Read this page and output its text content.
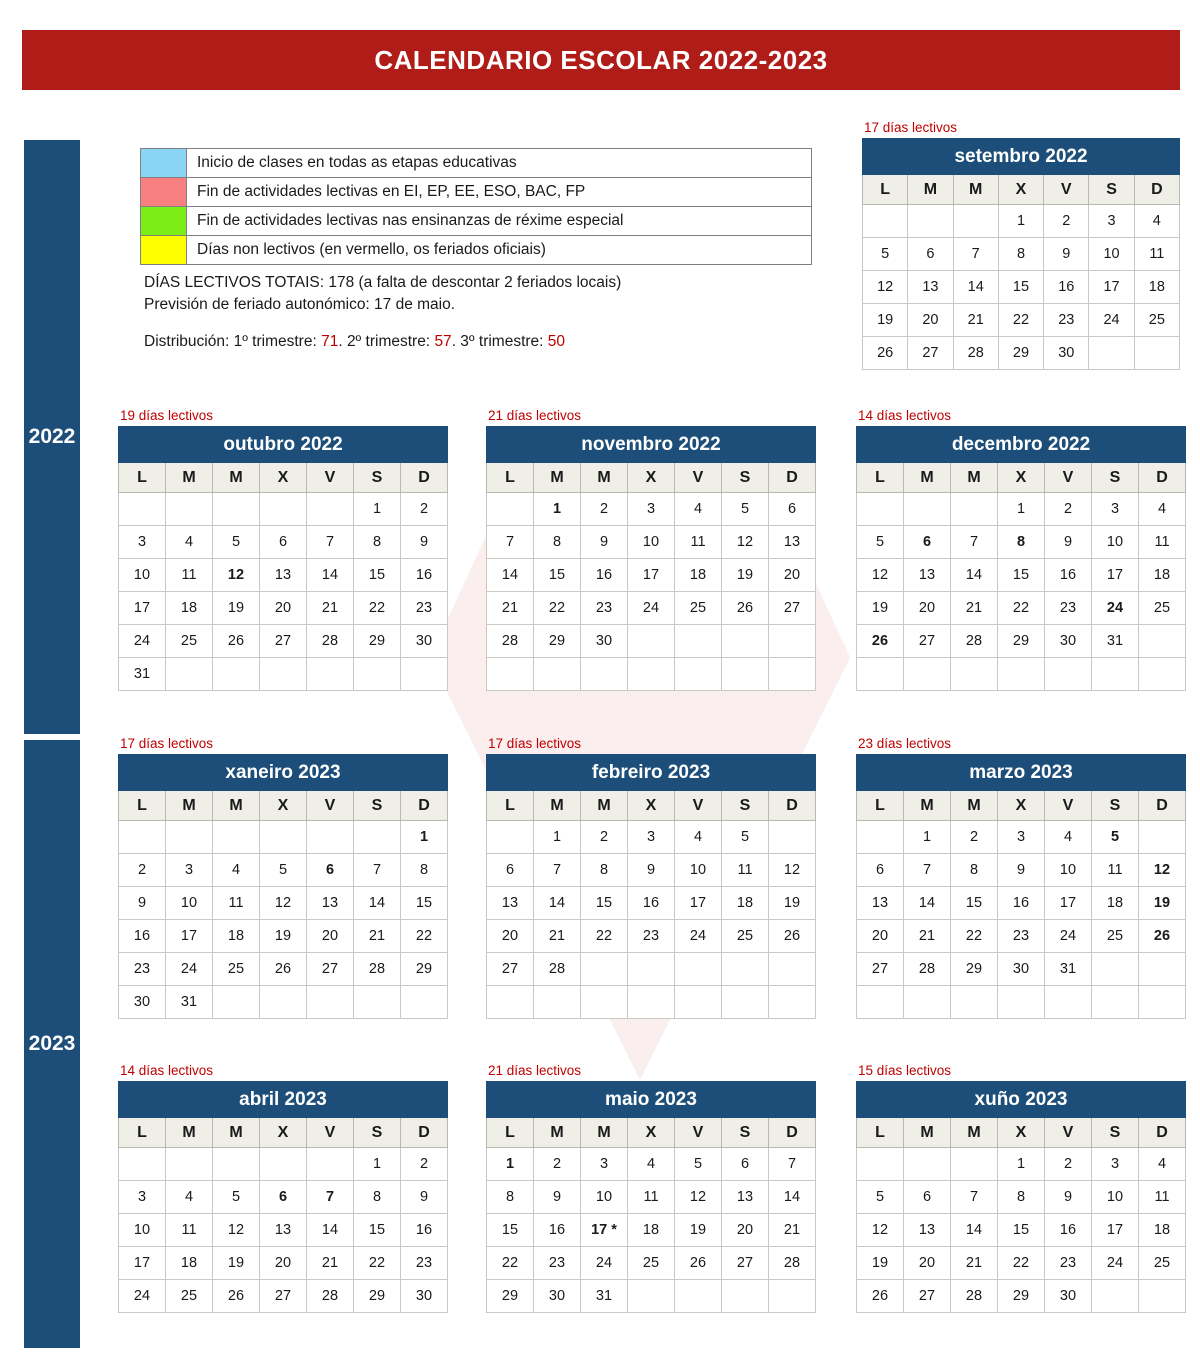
CALENDARIO ESCOLAR 2022-2023
2022
2023
	Inicio de clases en todas as etapas educativas
	Fin de actividades lectivas en EI, EP, EE, ESO, BAC, FP
	Fin de actividades lectivas nas ensinanzas de réxime especial
	Días non lectivos (en vermello, os feriados oficiais)
DÍAS LECTIVOS TOTAIS: 178 (a falta de descontar 2 feriados locais)
Previsión de feriado autonómico: 17 de maio.
Distribución: 1º trimestre: 71. 2º trimestre: 57. 3º trimestre: 50
17 días lectivos
setembro 2022						
L	M	M	X	V	S	D
			1	2	3	4
5	6	7	8	9	10	11
12	13	14	15	16	17	18
19	20	21	22	23	24	25
26	27	28	29	30		
19 días lectivos
outubro 2022						
L	M	M	X	V	S	D
					1	2
3	4	5	6	7	8	9
10	11	12	13	14	15	16
17	18	19	20	21	22	23
24	25	26	27	28	29	30
31						
21 días lectivos
novembro 2022						
L	M	M	X	V	S	D
	1	2	3	4	5	6
7	8	9	10	11	12	13
14	15	16	17	18	19	20
21	22	23	24	25	26	27
28	29	30				

14 días lectivos
decembro 2022						
L	M	M	X	V	S	D
			1	2	3	4
5	6	7	8	9	10	11
12	13	14	15	16	17	18
19	20	21	22	23	24	25
26	27	28	29	30	31	

17 días lectivos
xaneiro 2023						
L	M	M	X	V	S	D
						1
2	3	4	5	6	7	8
9	10	11	12	13	14	15
16	17	18	19	20	21	22
23	24	25	26	27	28	29
30	31					
17 días lectivos
febreiro 2023						
L	M	M	X	V	S	D
	1	2	3	4	5	
6	7	8	9	10	11	12
13	14	15	16	17	18	19
20	21	22	23	24	25	26
27	28					

23 días lectivos
marzo 2023						
L	M	M	X	V	S	D
	1	2	3	4	5	
6	7	8	9	10	11	12
13	14	15	16	17	18	19
20	21	22	23	24	25	26
27	28	29	30	31		

14 días lectivos
abril 2023						
L	M	M	X	V	S	D
					1	2
3	4	5	6	7	8	9
10	11	12	13	14	15	16
17	18	19	20	21	22	23
24	25	26	27	28	29	30
21 días lectivos
maio 2023						
L	M	M	X	V	S	D
1	2	3	4	5	6	7
8	9	10	11	12	13	14
15	16	17 *	18	19	20	21
22	23	24	25	26	27	28
29	30	31				
15 días lectivos
xuño 2023						
L	M	M	X	V	S	D
			1	2	3	4
5	6	7	8	9	10	11
12	13	14	15	16	17	18
19	20	21	22	23	24	25
26	27	28	29	30		
